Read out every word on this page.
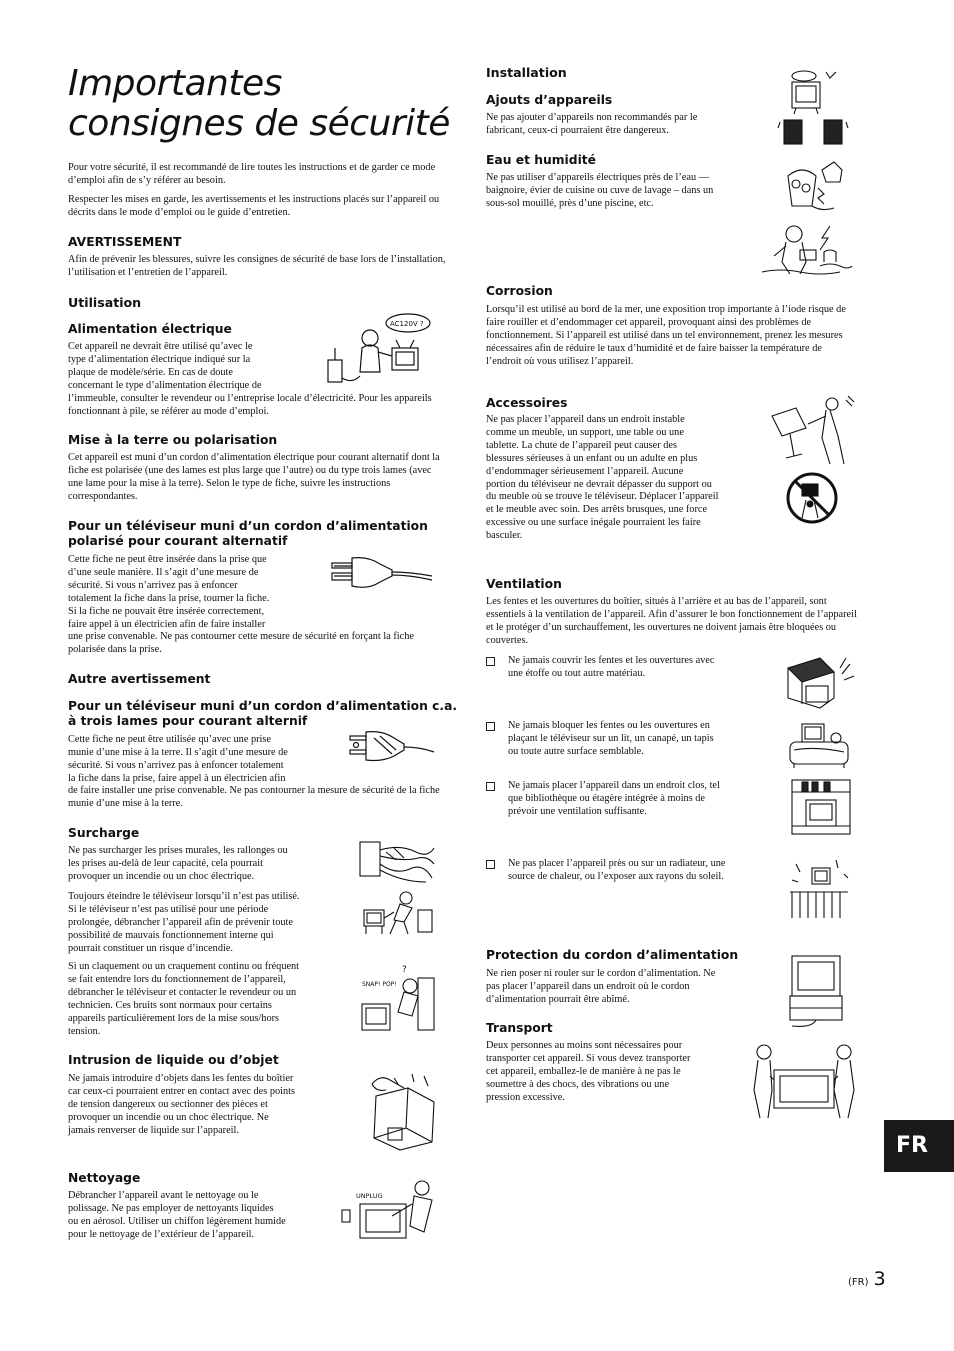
Importantes
consignes de sécurité

Pour votre sécurité, il est recommandé de lire toutes les instructions et de garder ce mode d’emploi afin de s’y référer au besoin.

Respecter les mises en garde, les avertissements et les instructions placés sur l’appareil ou décrits dans le mode d’emploi ou le guide d’entretien.

AVERTISSEMENT

Afin de prévenir les blessures, suivre les consignes de sécurité de base lors de l’installation, l’utilisation et l’entretien de l’appareil.

Utilisation

Alimentation électrique

Cet appareil ne devrait être utilisé qu’avec le
type d’alimentation électrique indiqué sur la
plaque de modèle/série. En cas de doute
concernant le type d’alimentation électrique de

l’immeuble, consulter le revendeur ou l’entreprise locale d’électricité. Pour les appareils fonctionnant à pile, se référer au mode d’emploi.

AC120V ?

Mise à la terre ou polarisation

Cet appareil est muni d’un cordon d’alimentation électrique pour courant alternatif dont la fiche est polarisée (une des lames est plus large que l’autre) ou du type trois lames (avec une lame pour la mise à la terre). Selon le type de fiche, suivre les instructions correspondantes.

Pour un téléviseur muni d’un cordon d’alimentation
polarisé pour courant alternatif
Cette fiche ne peut être insérée dans la prise que
d’une seule manière. Il s’agit d’une mesure de
sécurité. Si vous n’arrivez pas à enfoncer
totalement la fiche dans la prise, tourner la fiche.
Si la fiche ne pouvait être insérée correctement,
faire appel à un électricien afin de faire installer

une prise convenable. Ne pas contourner cette mesure de sécurité en forçant la fiche polarisée dans la prise.

Autre avertissement

Pour un téléviseur muni d’un cordon d’alimentation c.a.
à trois lames pour courant alternif
Cette fiche ne peut être utilisée qu’avec une prise
munie d’une mise à la terre. Il s’agit d’une mesure de
sécurité. Si vous n’arrivez pas à enfoncer totalement
la fiche dans la prise, faire appel à un électricien afin

de faire installer une prise convenable. Ne pas contourner la mesure de sécurité de la fiche munie d’une mise à la terre.

Surcharge

Ne pas surcharger les prises murales, les rallonges ou
les prises au-delà de leur capacité, cela pourrait
provoquer un incendie ou un choc électrique.
Toujours éteindre le téléviseur lorsqu’il n’est pas utilisé.
Si le téléviseur n’est pas utilisé pour une période
prolongée, débrancher l’appareil afin de prévenir toute
possibilité de mauvais fonctionnement interne qui
pourrait constituer un risque d’incendie.
Si un claquement ou un craquement continu ou fréquent
se fait entendre lors du fonctionnement de l’appareil,
débrancher le téléviseur et contacter le revendeur ou un
technicien. Ces bruits sont normaux pour certains
appareils particulièrement lors de la mise sous/hors
tension.
SNAP! POP!
?

Intrusion de liquide ou d’objet

Ne jamais introduire d’objets dans les fentes du boîtier
car ceux-ci pourraient entrer en contact avec des points
de tension dangereux ou sectionner des pièces et
provoquer un incendie ou un choc électrique. Ne
jamais renverser de liquide sur l’appareil.

Nettoyage

Débrancher l’appareil avant le nettoyage ou le
polissage. Ne pas employer de nettoyants liquides
ou en aérosol. Utiliser un chiffon légèrement humide
pour le nettoyage de l’extérieur de l’appareil.
UNPLUG

Installation

Ajouts d’appareils

Ne pas ajouter d’appareils non recommandés par le
fabricant, ceux-ci pourraient être dangereux.

Eau et humidité

Ne pas utiliser d’appareils électriques près de l’eau —
baignoire, évier de cuisine ou cuve de lavage – dans un
sous-sol mouillé, près d’une piscine, etc.

Corrosion

Lorsqu’il est utilisé au bord de la mer, une exposition trop importante à l’iode risque de faire rouiller et d’endommager cet appareil, provoquant ainsi des problèmes de fonctionnement. Si l’appareil est utilisé dans un tel environnement, prenez les mesures nécessaires afin de réduire le taux d’humidité et de faire baisser la température de l’endroit où vous utilisez l’appareil.

Accessoires

Ne pas placer l’appareil dans un endroit instable
comme un meuble, un support, une table ou une
tablette. La chute de l’appareil peut causer des
blessures sérieuses à un enfant ou un adulte en plus
d’endommager sérieusement l’appareil. Aucune
portion du téléviseur ne devrait dépasser du support ou
du meuble où se trouve le téléviseur. Déplacer l’appareil
et le meuble avec soin. Des arrêts brusques, une force
excessive ou une surface inégale pourraient les faire
basculer.

Ventilation

Les fentes et les ouvertures du boîtier, situés à l’arrière et au bas de l’appareil, sont essentiels à la ventilation de l’appareil. Afin d’assurer le bon fonctionnement de l’appareil et le protéger d’un surchauffement, les ouvertures ne doivent jamais être bloquées ou couvertes.

Ne jamais couvrir les fentes et les ouvertures avec
une étoffe ou tout autre matériau.
Ne jamais bloquer les fentes ou les ouvertures en
plaçant le téléviseur sur un lit, un canapé, un tapis
ou toute autre surface semblable.
Ne jamais placer l’appareil dans un endroit clos, tel
que bibliothèque ou étagère intégrée à moins de
prévoir une ventilation suffisante.
Ne pas placer l’appareil près ou sur un radiateur, une
source de chaleur, ou l’exposer aux rayons du soleil.

Protection du cordon d’alimentation

Ne rien poser ni rouler sur le cordon d’alimentation. Ne
pas placer l’appareil dans un endroit où le cordon
d’alimentation pourrait être abîmé.

Transport

Deux personnes au moins sont nécessaires pour
transporter cet appareil. Si vous devez transporter
cet appareil, emballez-le de manière à ne pas le
soumettre à des chocs, des vibrations ou une
pression excessive.
FR
(FR) 3
